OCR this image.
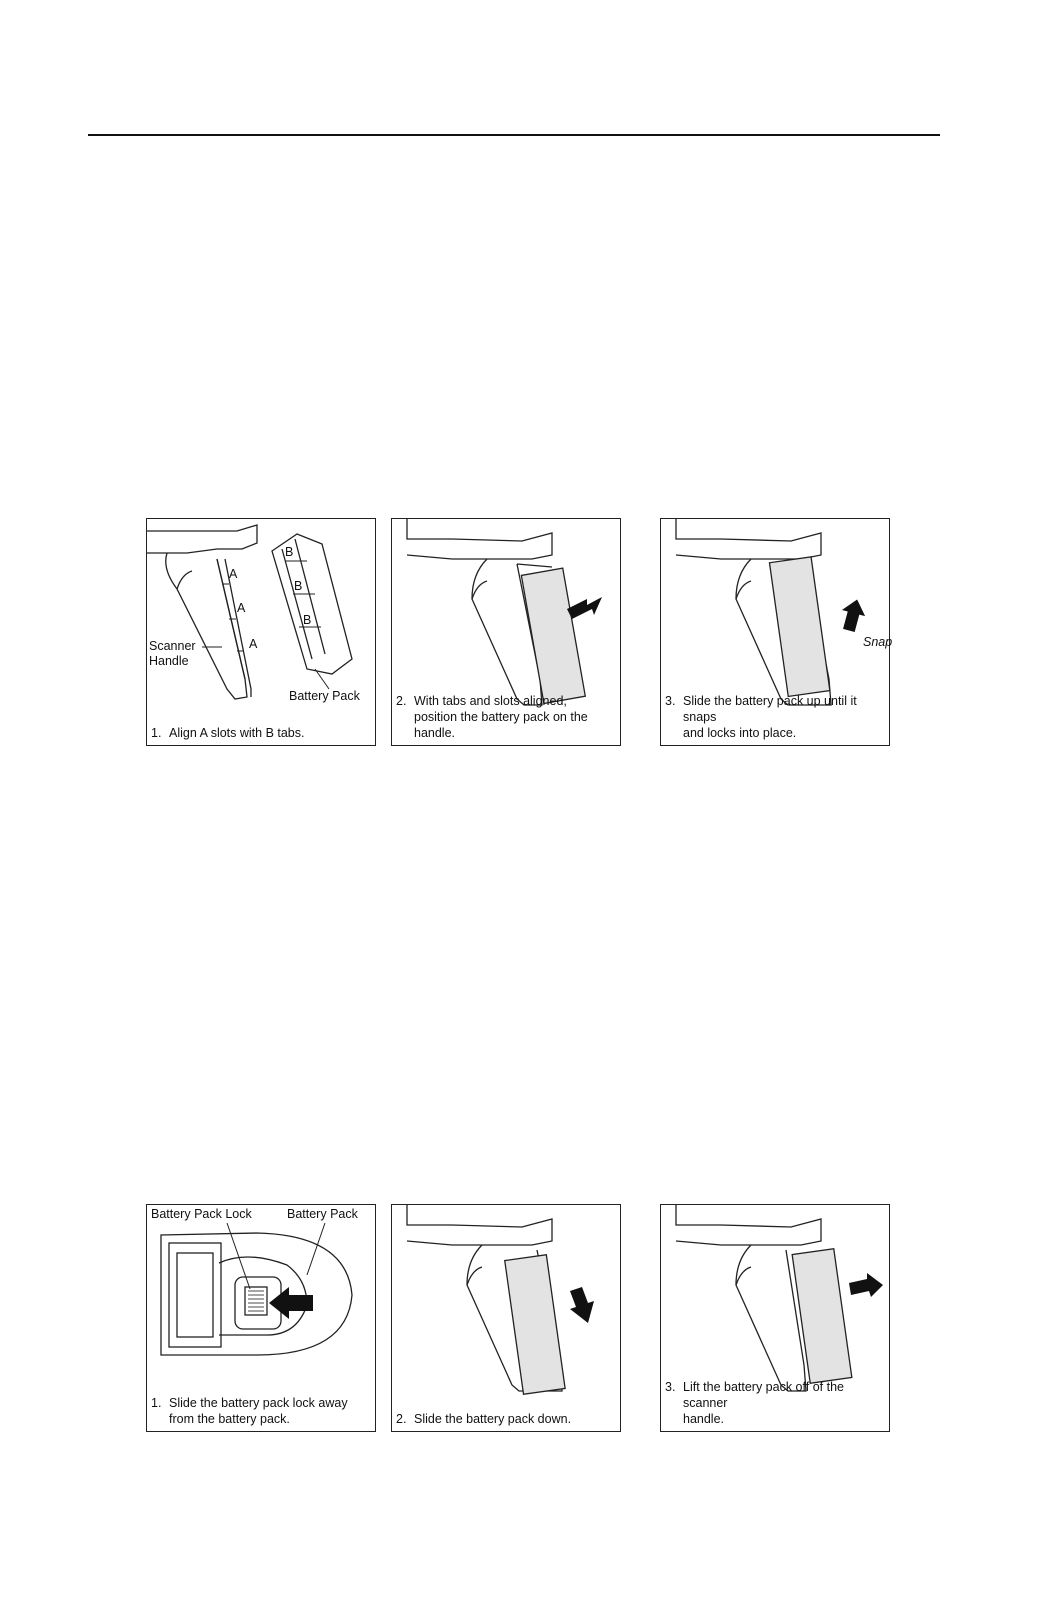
A
A
A
B
B
B
Scanner
Handle
Battery Pack
1. Align A slots with B tabs.
2. With tabs and slots aligned,
position the battery pack on the handle.
Snap
3. Slide the battery pack up until it snaps
and locks into place.
Battery Pack Lock	Battery Pack
1. Slide the battery pack lock away
from the battery pack.	2. Slide the battery pack down.
3. Lift the battery pack off of the scanner
handle.
